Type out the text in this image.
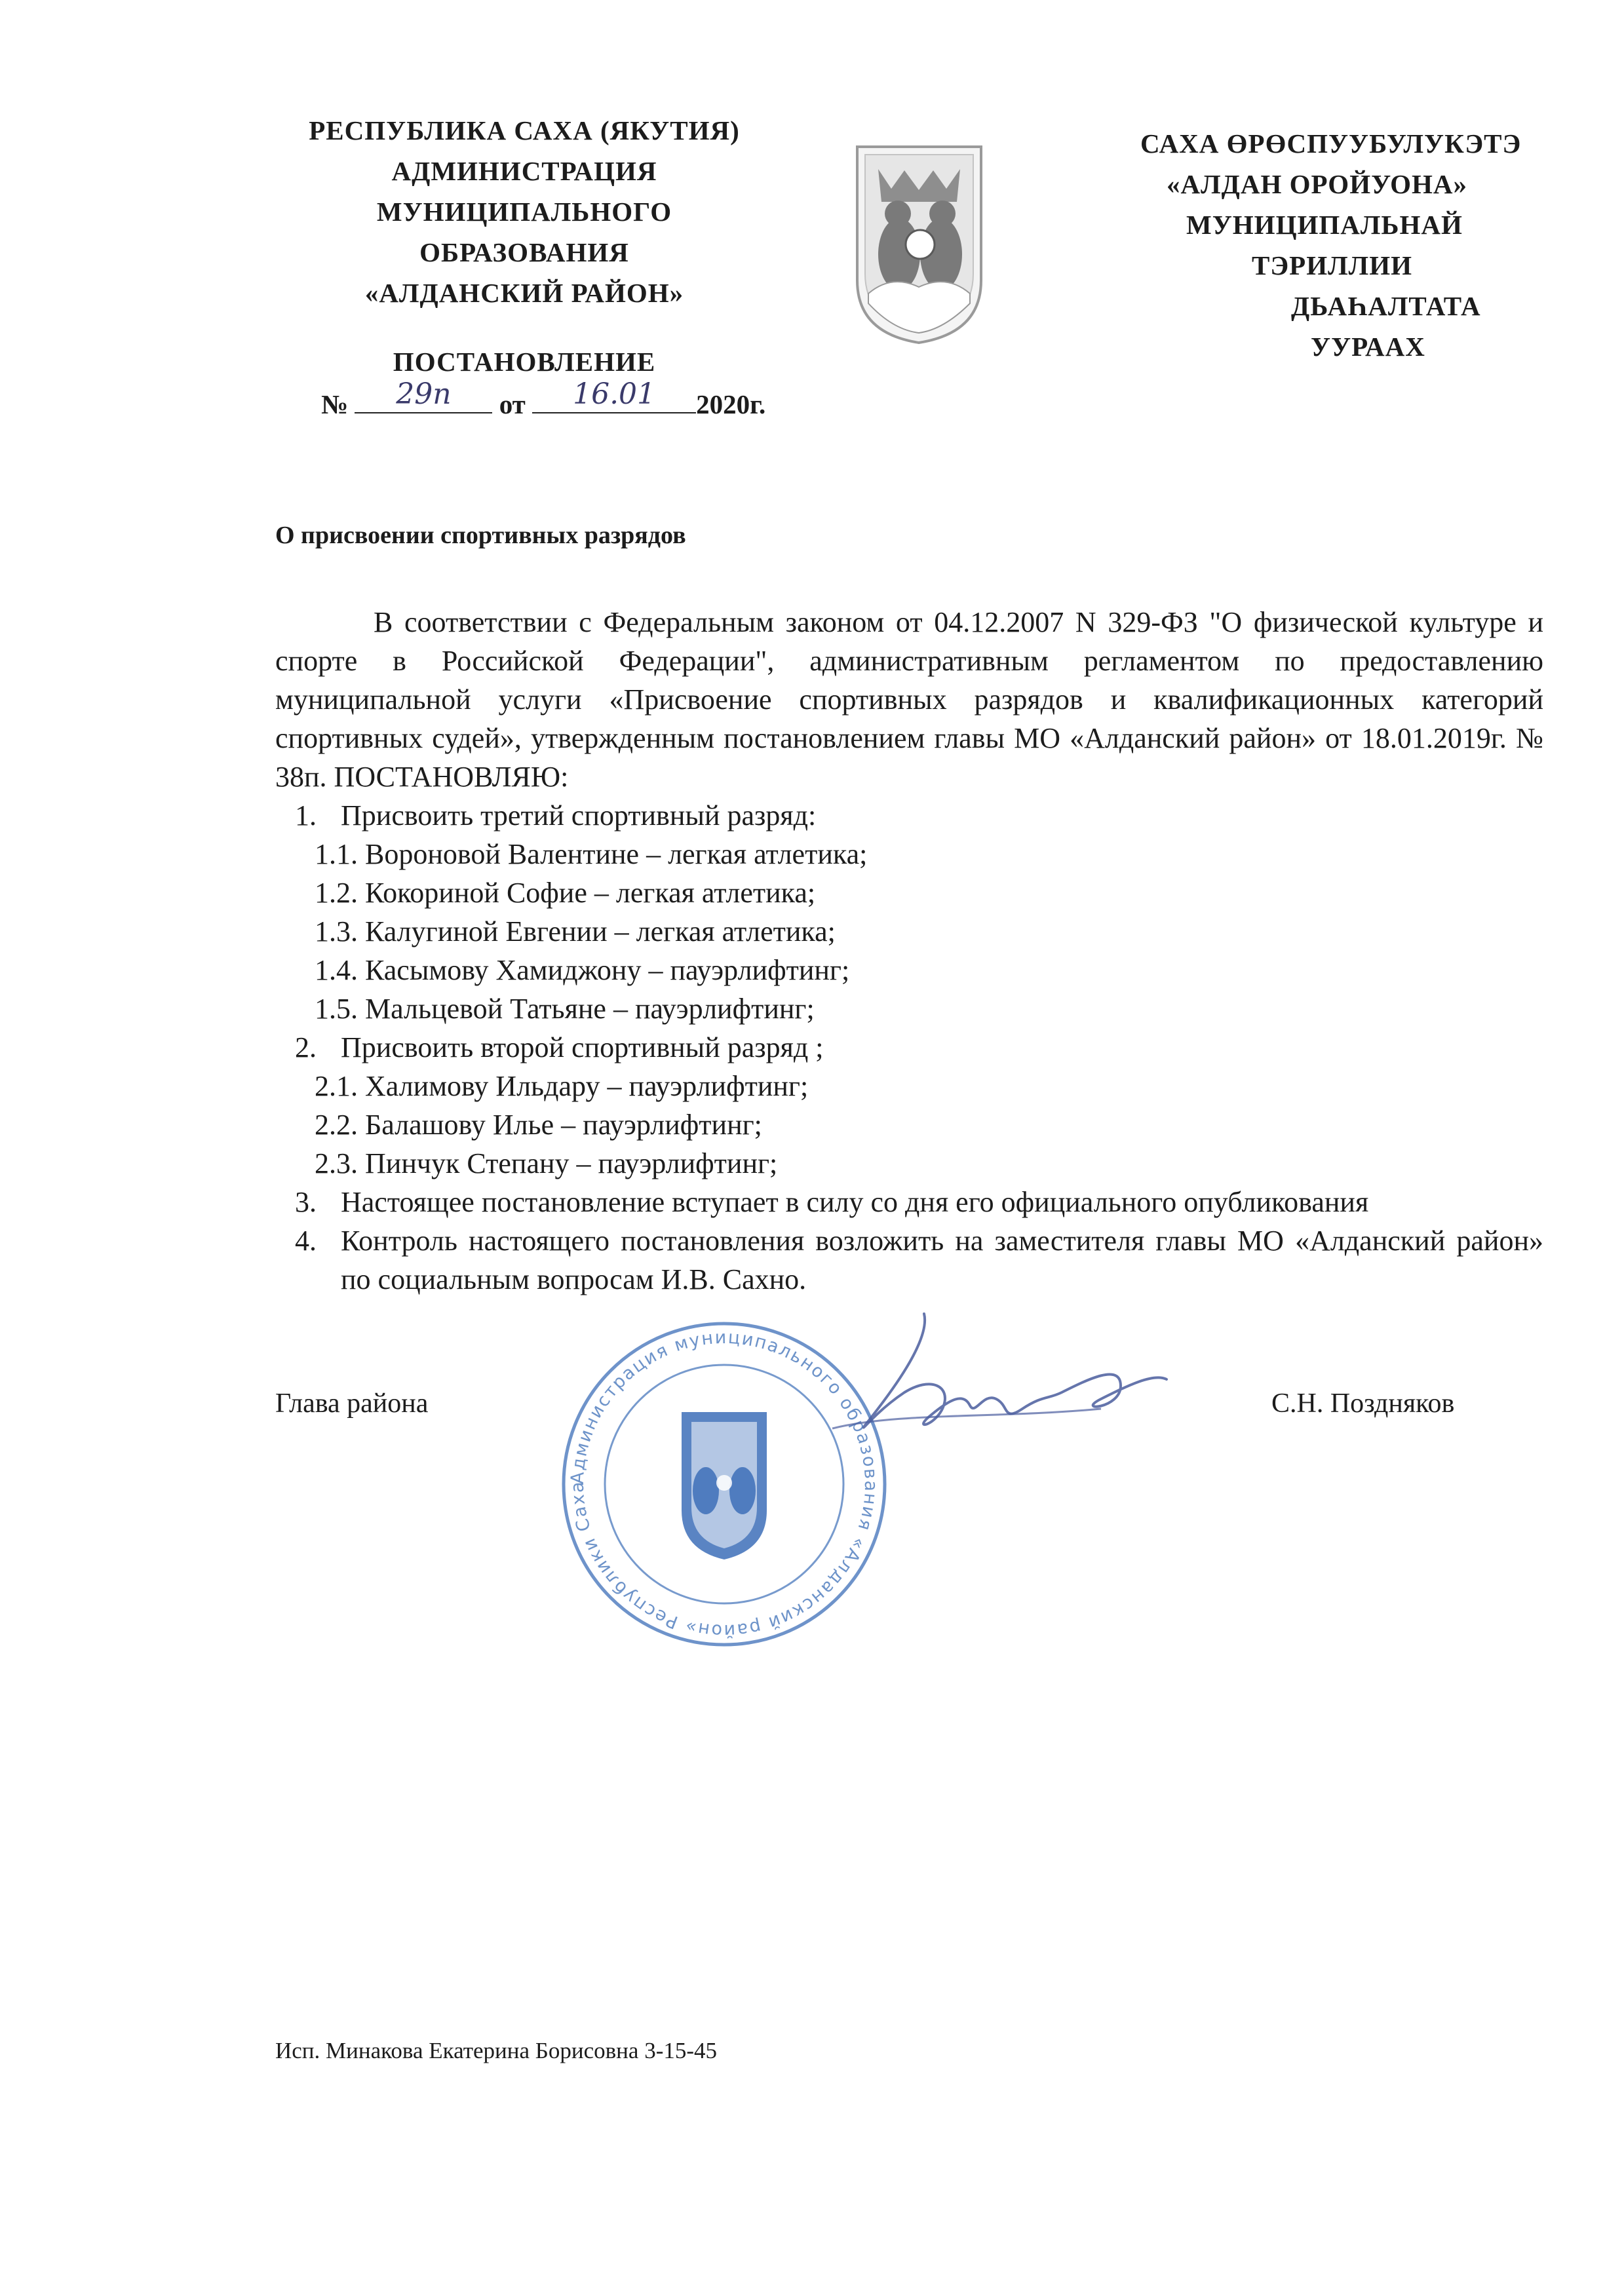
РЕСПУБЛИКА САХА (ЯКУТИЯ)
АДМИНИСТРАЦИЯ
МУНИЦИПАЛЬНОГО
ОБРАЗОВАНИЯ
«АЛДАНСКИЙ РАЙОН»
САХА ӨРӨСПУУБУЛУКЭТЭ
«АЛДАН ОРОЙУОНА»
МУНИЦИПАЛЬНАЙ
ТЭРИЛЛИИ
ДЬАҺАЛТАТА
УУРААХ
ПОСТАНОВЛЕНИЕ
№	29п	от	16.01	2020г.
О присвоении спортивных разрядов

В соответствии с Федеральным законом от 04.12.2007 N 329-ФЗ "О физической культуре и спорте в Российской Федерации", административным регламентом по предоставлению муниципальной услуги «Присвоение спортивных разрядов и квалификационных категорий спортивных судей», утвержденным постановлением главы МО «Алданский район» от 18.01.2019г. № 38п. ПОСТАНОВЛЯЮ:

1. Присвоить третий спортивный разряд:
1.1. Вороновой Валентине – легкая атлетика;
1.2. Кокориной Софие – легкая атлетика;
1.3. Калугиной Евгении – легкая атлетика;
1.4. Касымову Хамиджону – пауэрлифтинг;
1.5. Мальцевой Татьяне – пауэрлифтинг;
2. Присвоить второй спортивный разряд ;
2.1. Халимову Ильдару – пауэрлифтинг;
2.2. Балашову Илье – пауэрлифтинг;
2.3. Пинчук Степану – пауэрлифтинг;
3. Настоящее постановление вступает в силу со дня его официального опубликования
4. Контроль настоящего постановления возложить на заместителя главы МО «Алданский район» по социальным вопросам И.В. Сахно.
Администрация муниципального образования «Алданский район» Республики Саха
Глава района	С.Н. Поздняков
Исп. Минакова Екатерина Борисовна 3-15-45
